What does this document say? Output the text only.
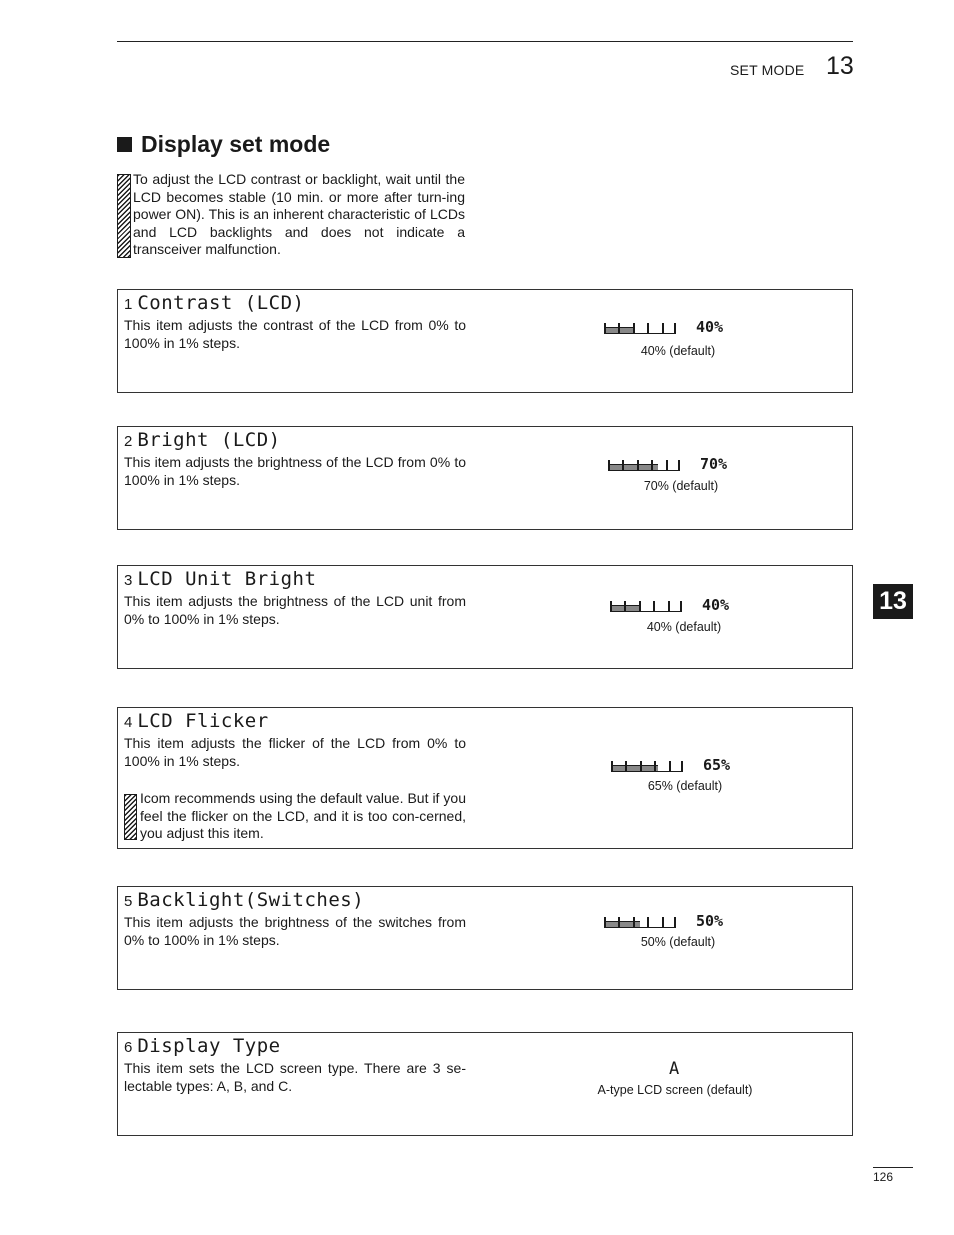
SET MODE 13
Display set mode
To adjust the LCD contrast or backlight, wait until the LCD becomes stable (10 min. or more after turn-ing power ON). This is an inherent characteristic of LCDs and LCD backlights and does not indicate a transceiver malfunction.
1 Contrast (LCD)
This item adjusts the contrast of the LCD from 0% to 100% in 1% steps.
40%
40% (default)
2 Bright (LCD)
This item adjusts the brightness of the LCD from 0% to 100% in 1% steps.
70%
70% (default)
3 LCD Unit Bright
This item adjusts the brightness of the LCD unit from 0% to 100% in 1% steps.
40%
40% (default)
4 LCD Flicker
This item adjusts the flicker of the LCD from 0% to 100% in 1% steps.
Icom recommends using the default value. But if you feel the flicker on the LCD, and it is too con-cerned, you adjust this item.
65%
65% (default)
5 Backlight(Switches)
This item adjusts the brightness of the switches from 0% to 100% in 1% steps.
50%
50% (default)
6 Display Type
This item sets the LCD screen type. There are 3 se-lectable types: A, B, and C.
A
A-type LCD screen (default)
13
126
